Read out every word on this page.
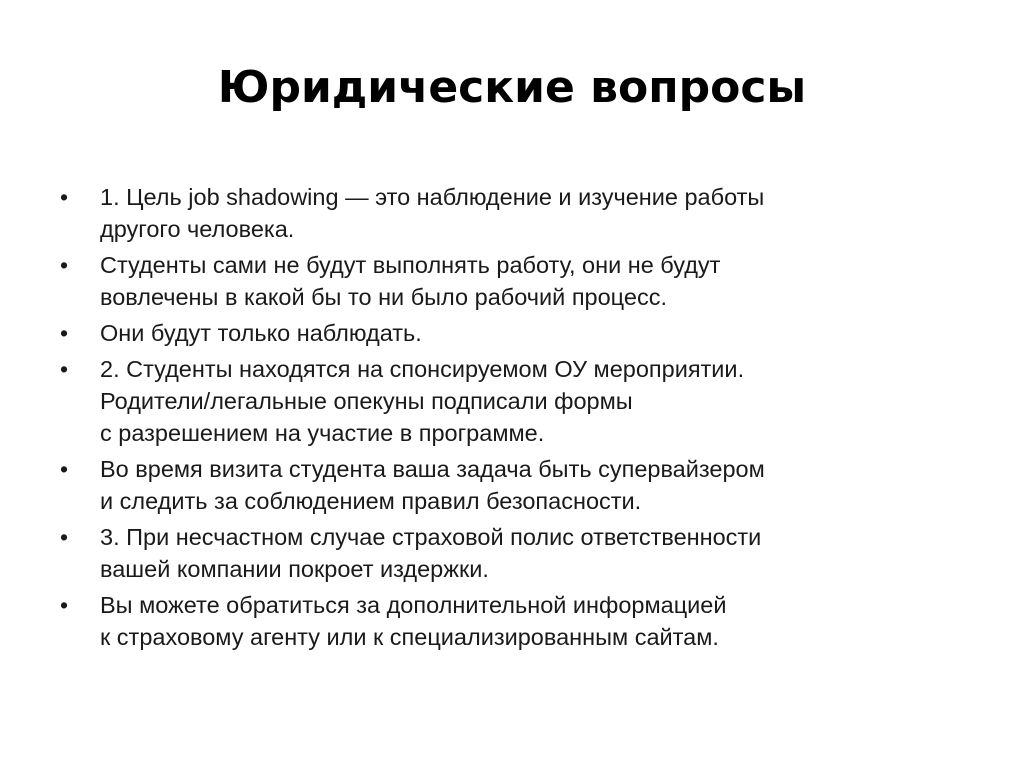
Юридические вопросы
• 1. Цель job shadowing — это наблюдение и изучение работы
другого человека.
• Студенты сами не будут выполнять работу, они не будут
вовлечены в какой бы то ни было рабочий процесс.
• Они будут только наблюдать.
• 2. Студенты находятся на спонсируемом ОУ мероприятии.
Родители/легальные опекуны подписали формы
с разрешением на участие в программе.
• Во время визита студента ваша задача быть супервайзером
и следить за соблюдением правил безопасности.
• 3. При несчастном случае страховой полис ответственности
вашей компании покроет издержки.
• Вы можете обратиться за дополнительной информацией
к страховому агенту или к специализированным сайтам.
